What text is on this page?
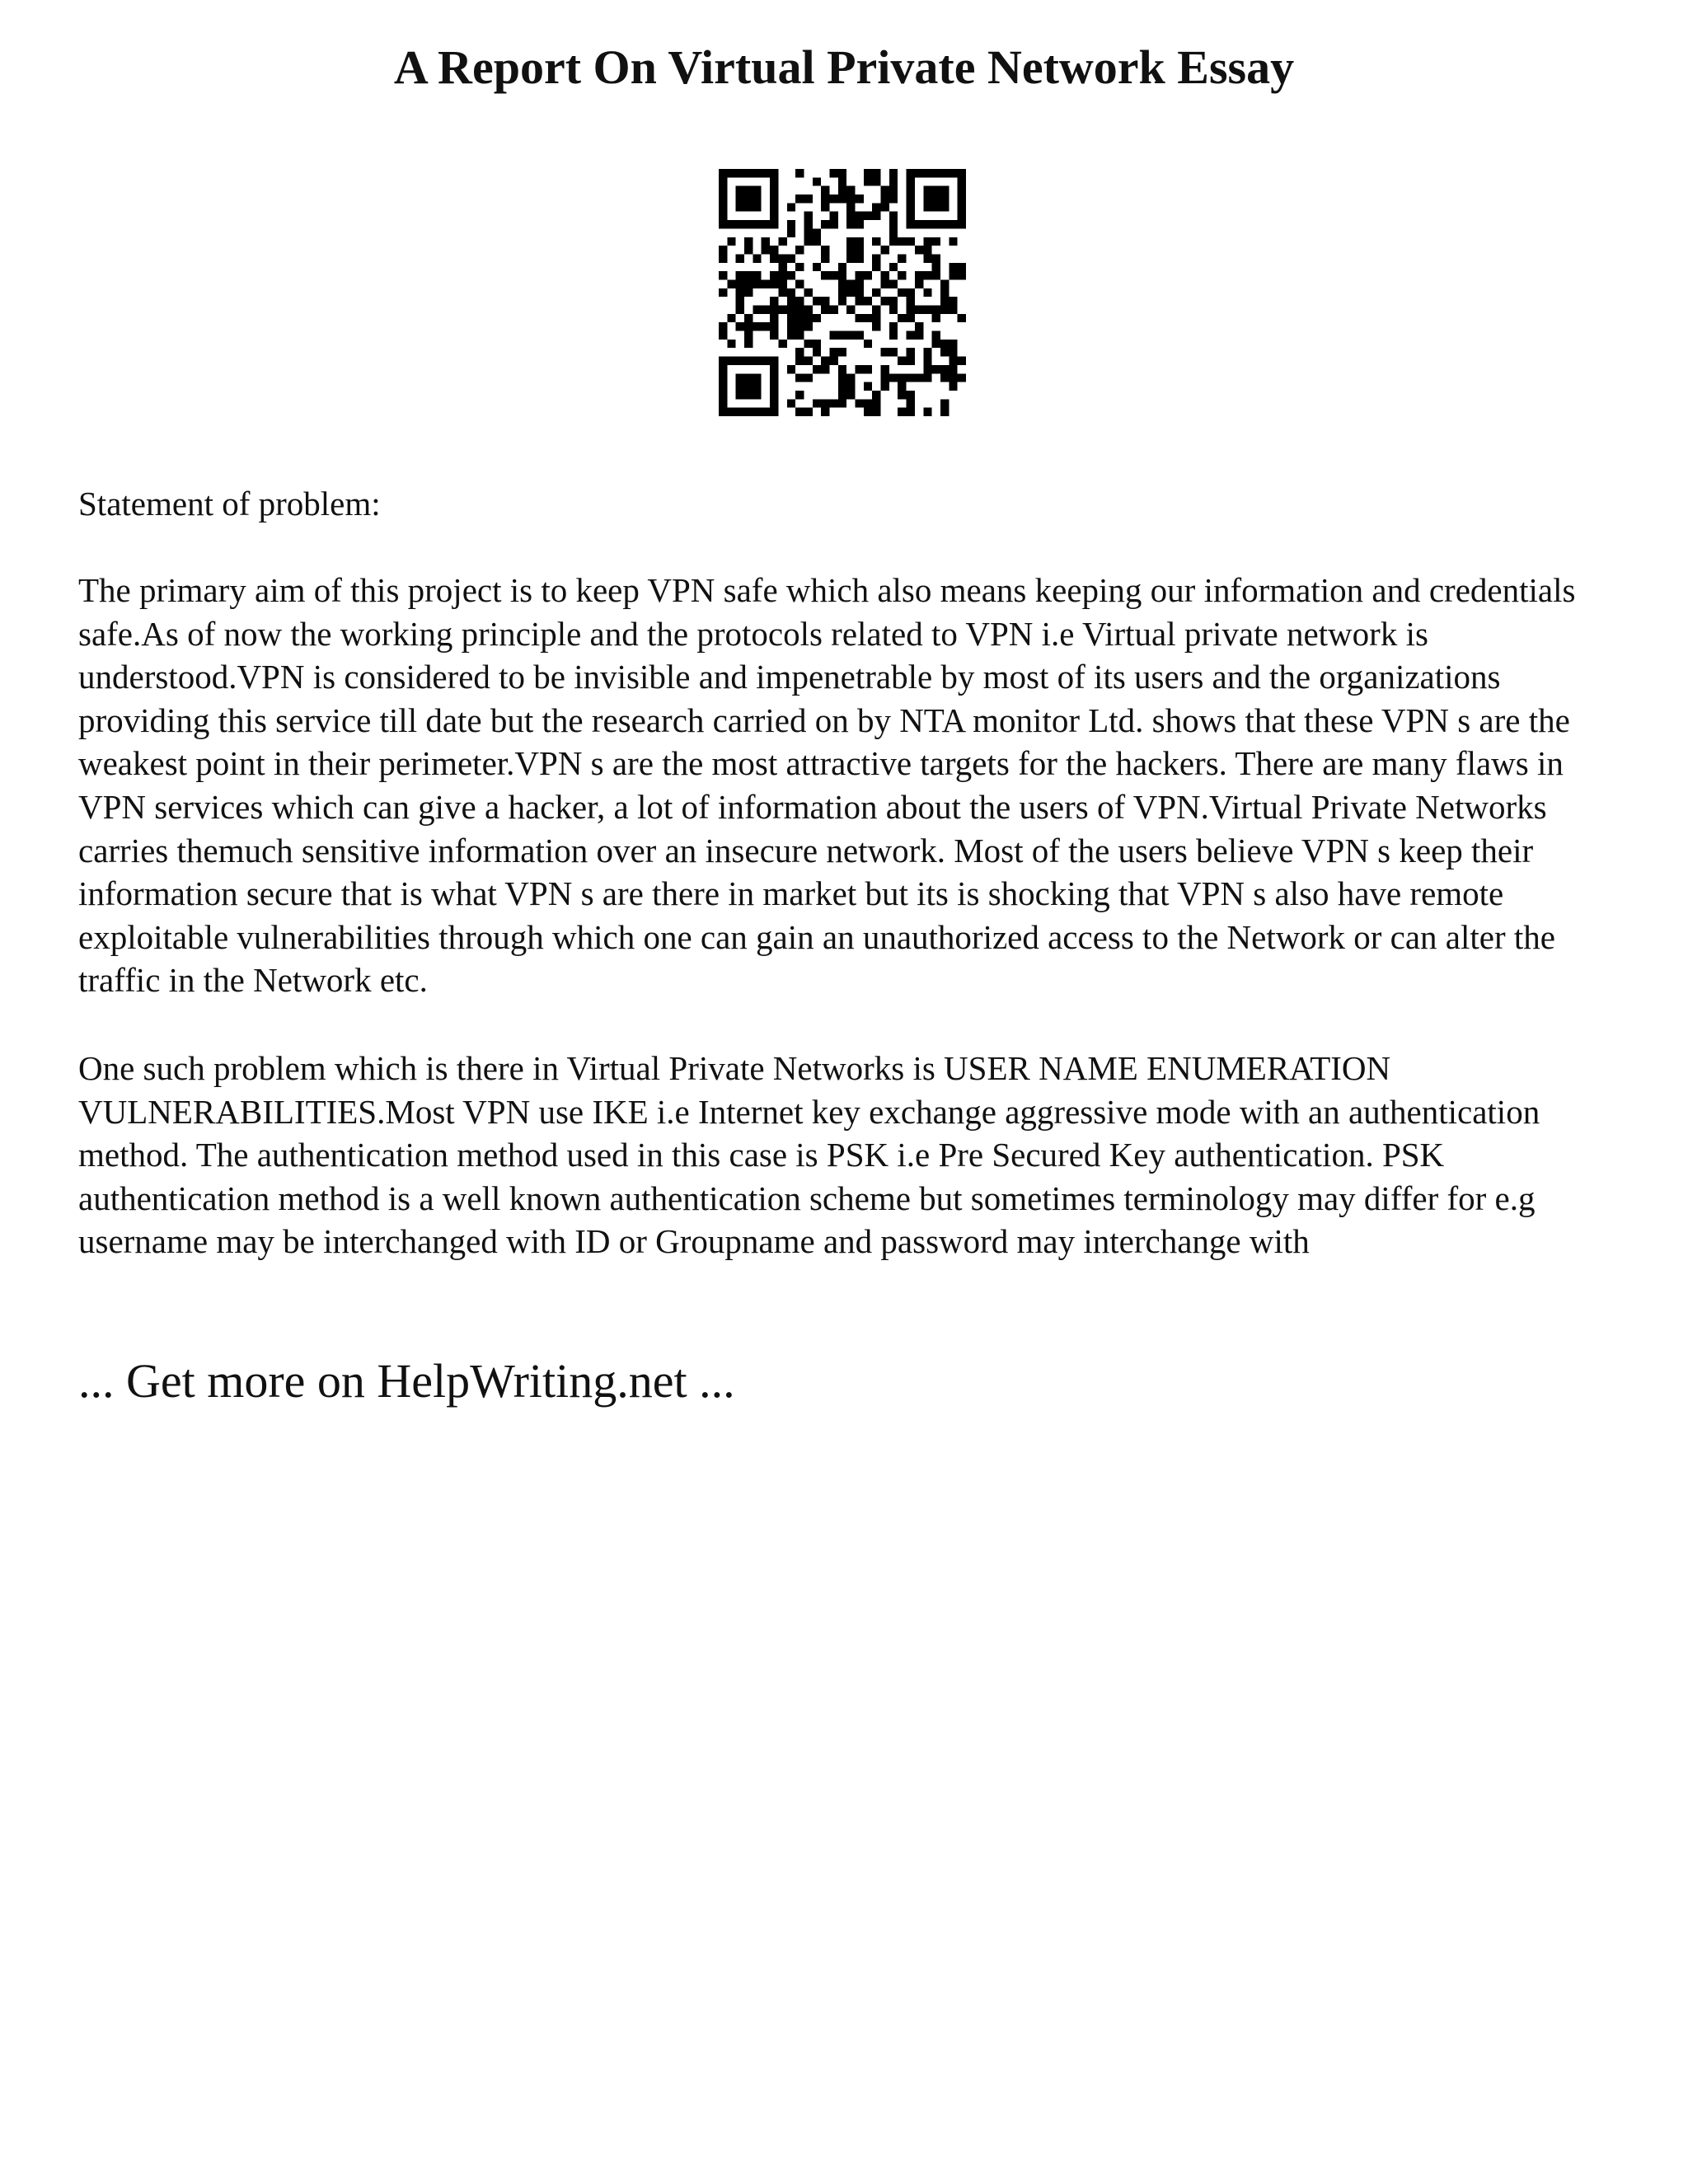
A Report On Virtual Private Network Essay

Statement of problem:

The primary aim of this project is to keep VPN safe which also means keeping our information and credentials safe.As of now the working principle and the protocols related to VPN i.e Virtual private network is understood.VPN is considered to be invisible and impenetrable by most of its users and the organizations providing this service till date but the research carried on by NTA monitor Ltd. shows that these VPN s are the weakest point in their perimeter.VPN s are the most attractive targets for the hackers. There are many flaws in VPN services which can give a hacker, a lot of information about the users of VPN.Virtual Private Networks carries themuch sensitive information over an insecure network. Most of the users believe VPN s keep their information secure that is what VPN s are there in market but its is shocking that VPN s also have remote exploitable vulnerabilities through which one can gain an unauthorized access to the Network or can alter the traffic in the Network etc.

One such problem which is there in Virtual Private Networks is USER NAME ENUMERATION VULNERABILITIES.Most VPN use IKE i.e Internet key exchange aggressive mode with an authentication method. The authentication method used in this case is PSK i.e Pre Secured Key authentication. PSK authentication method is a well known authentication scheme but sometimes terminology may differ for e.g username may be interchanged with ID or Groupname and password may interchange with

... Get more on HelpWriting.net ...
